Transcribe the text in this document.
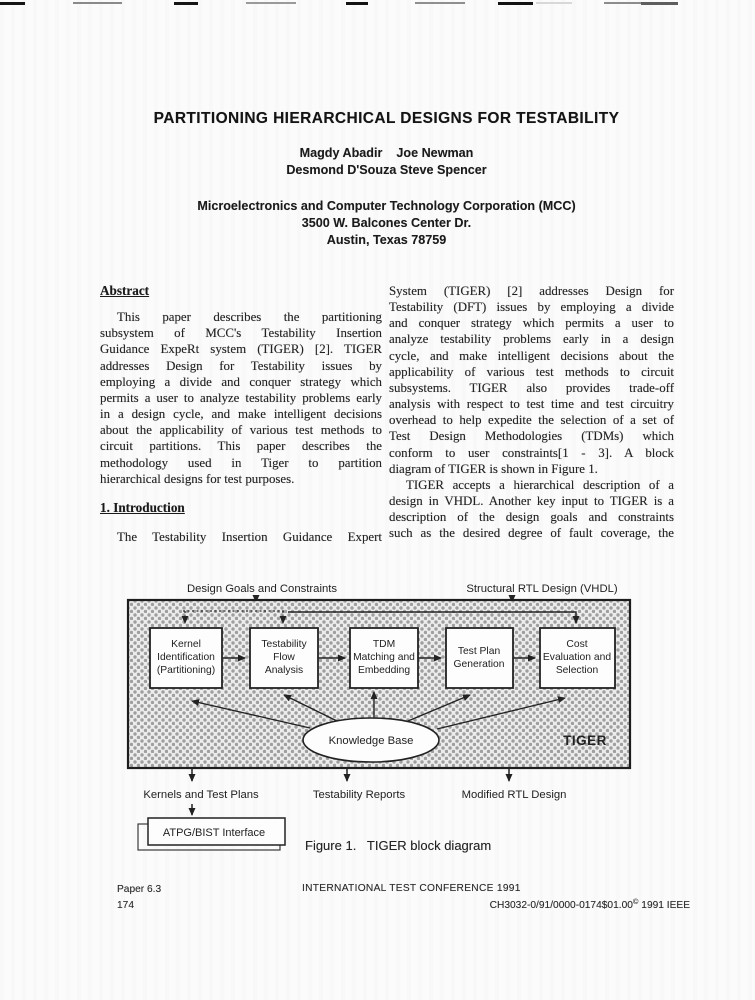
PARTITIONING HIERARCHICAL DESIGNS FOR TESTABILITY
Magdy Abadir    Joe Newman
Desmond D'Souza Steve Spencer
Microelectronics and Computer Technology Corporation (MCC)
3500 W. Balcones Center Dr.
Austin, Texas 78759
Abstract
This paper describes the partitioning
subsystem of MCC's Testability Insertion
Guidance ExpeRt system (TIGER) [2]. TIGER
addresses Design for Testability issues by
employing a divide and conquer strategy which
permits a user to analyze testability problems early
in a design cycle, and make intelligent decisions
about the applicability of various test methods to
circuit partitions. This paper describes the
methodology used in Tiger to partition
hierarchical designs for test purposes.
1. Introduction
The Testability Insertion Guidance Expert
System (TIGER) [2] addresses Design for
Testability (DFT) issues by employing a divide
and conquer strategy which permits a user to
analyze testability problems early in a design
cycle, and make intelligent decisions about the
applicability of various test methods to circuit
subsystems. TIGER also provides trade-off
analysis with respect to test time and test circuitry
overhead to help expedite the selection of a set of
Test Design Methodologies (TDMs) which
conform to user constraints[1 - 3]. A block
diagram of TIGER is shown in Figure 1.
TIGER accepts a hierarchical description of a
design in VHDL. Another key input to TIGER is a
description of the design goals and constraints
such as the desired degree of fault coverage, the
Design Goals and Constraints	Structural RTL Design (VHDL)
Kernel
Identification
(Partitioning)
Testability
Flow
Analysis
TDM
Matching and
Embedding
Test Plan
Generation
Cost
Evaluation and
Selection
Knowledge Base	TIGER
Kernels and Test Plans	Testability Reports	Modified RTL Design
ATPG/BIST Interface
Figure 1.   TIGER block diagram
Paper 6.3
174
INTERNATIONAL TEST CONFERENCE 1991
CH3032-0/91/0000-0174$01.00© 1991 IEEE
